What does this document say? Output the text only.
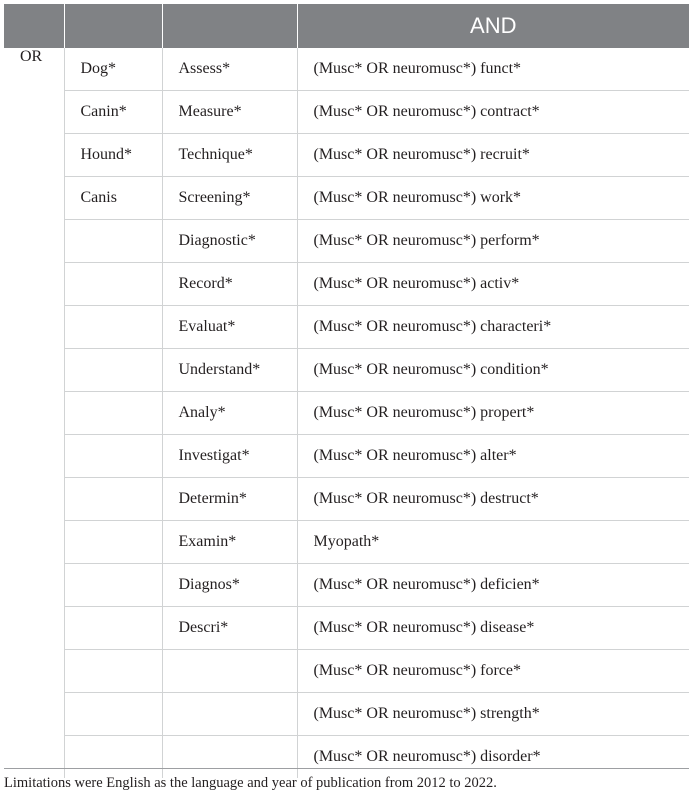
			AND
OR	Dog*	Assess*	(Musc* OR neuromusc*) funct*
	Canin*	Measure*	(Musc* OR neuromusc*) contract*
	Hound*	Technique*	(Musc* OR neuromusc*) recruit*
	Canis	Screening*	(Musc* OR neuromusc*) work*
		Diagnostic*	(Musc* OR neuromusc*) perform*
		Record*	(Musc* OR neuromusc*) activ*
		Evaluat*	(Musc* OR neuromusc*) characteri*
		Understand*	(Musc* OR neuromusc*) condition*
		Analy*	(Musc* OR neuromusc*) propert*
		Investigat*	(Musc* OR neuromusc*) alter*
		Determin*	(Musc* OR neuromusc*) destruct*
		Examin*	Myopath*
		Diagnos*	(Musc* OR neuromusc*) deficien*
		Descri*	(Musc* OR neuromusc*) disease*
			(Musc* OR neuromusc*) force*
			(Musc* OR neuromusc*) strength*
			(Musc* OR neuromusc*) disorder*
Limitations were English as the language and year of publication from 2012 to 2022.
